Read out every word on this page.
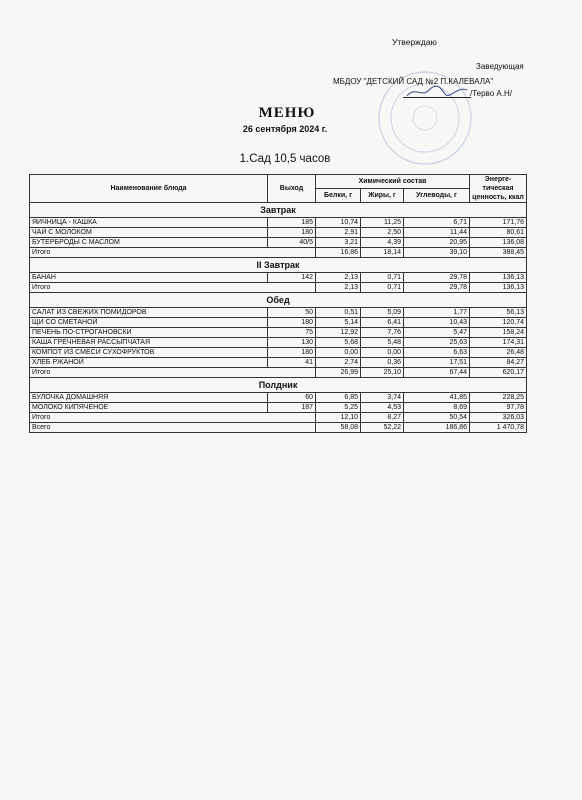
Утверждаю
Заведующая
МБДОУ "ДЕТСКИЙ САД №2 П.КАЛЕВАЛА"
/Терво А.Н/
МЕНЮ
26 сентября 2024 г.
1.Сад 10,5 часов
Наименование блюда	Выход	Химический состав			Энерге-тическая ценность, ккал
		Белки, г	Жиры, г	Углеводы, г	
Завтрак					
ЯИЧНИЦА - КАШКА	185	10,74	11,25	6,71	171,76
ЧАЙ С МОЛОКОМ	180	2,91	2,50	11,44	80,61
БУТЕРБРОДЫ С МАСЛОМ	40/5	3,21	4,39	20,95	136,08
Итого		16,86	18,14	39,10	388,45
II Завтрак					
БАНАН	142	2,13	0,71	29,78	136,13
Итого		2,13	0,71	29,78	136,13
Обед					
САЛАТ ИЗ СВЕЖИХ ПОМИДОРОВ	50	0,51	5,09	1,77	56,13
ЩИ СО СМЕТАНОЙ	180	5,14	6,41	10,43	120,74
ПЕЧЕНЬ ПО-СТРОГАНОВСКИ	75	12,92	7,76	5,47	158,24
КАША ГРЕЧНЕВАЯ РАССЫПЧАТАЯ	130	5,68	5,48	25,63	174,31
КОМПОТ ИЗ СМЕСИ СУХОФРУКТОВ	180	0,00	0,00	6,63	26,48
ХЛЕБ РЖАНОЙ	41	2,74	0,36	17,51	84,27
Итого		26,99	25,10	67,44	620,17
Полдник					
БУЛОЧКА ДОМАШНЯЯ	60	6,85	3,74	41,85	228,25
МОЛОКО КИПЯЧЕНОЕ	187	5,25	4,53	8,69	97,78
Итого		12,10	8,27	50,54	326,03
Всего		58,08	52,22	186,86	1 470,78
